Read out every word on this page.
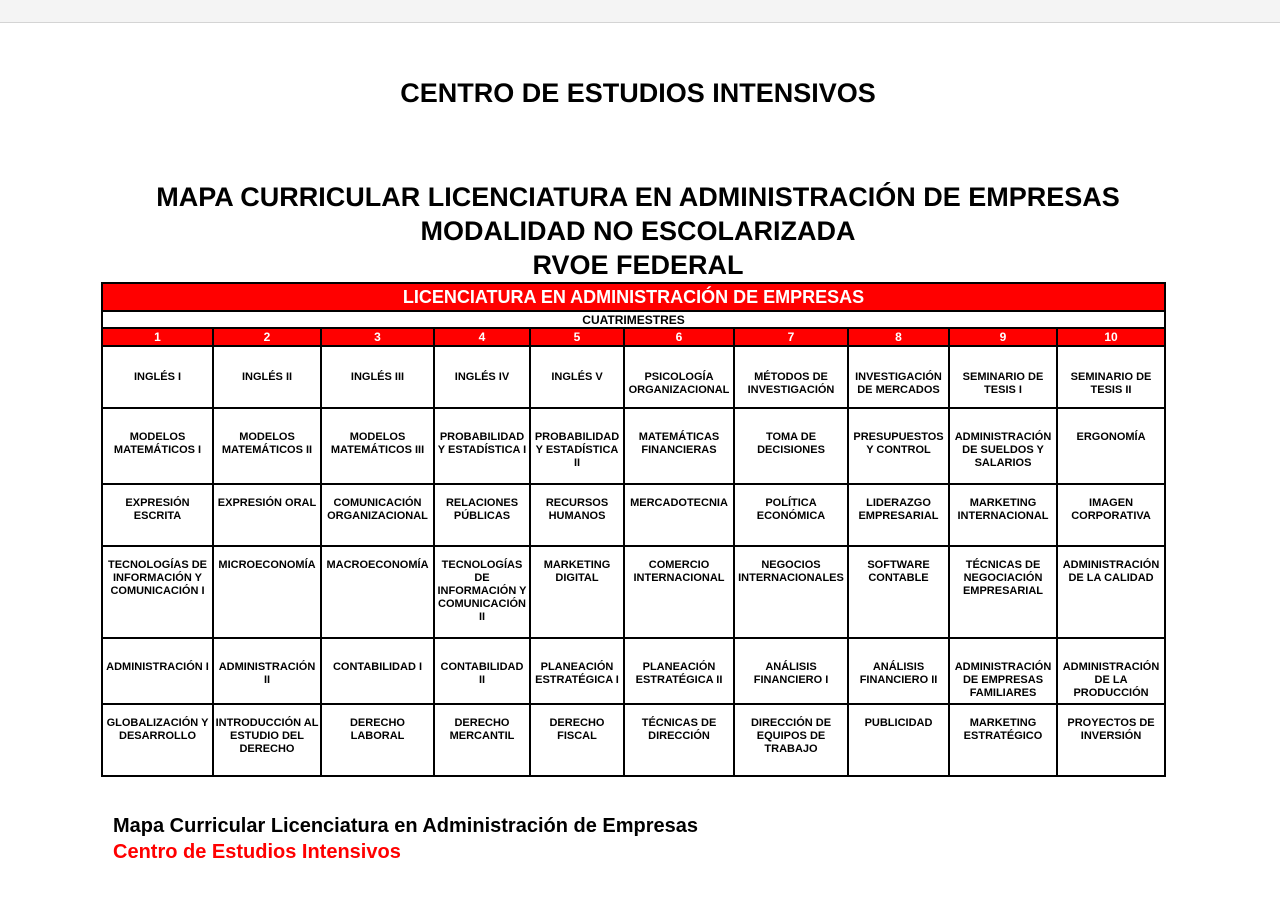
CENTRO DE ESTUDIOS INTENSIVOS
MAPA CURRICULAR LICENCIATURA EN ADMINISTRACIÓN DE EMPRESAS
MODALIDAD NO ESCOLARIZADA
RVOE FEDERAL
LICENCIATURA EN ADMINISTRACIÓN DE EMPRESAS									
CUATRIMESTRES									
1	2	3	4	5	6	7	8	9	10
INGLÉS I	INGLÉS II	INGLÉS III	INGLÉS IV	INGLÉS V	PSICOLOGÍA ORGANIZACIONAL	MÉTODOS DE INVESTIGACIÓN	INVESTIGACIÓN DE MERCADOS	SEMINARIO DE TESIS I	SEMINARIO DE TESIS II
MODELOS MATEMÁTICOS I	MODELOS MATEMÁTICOS II	MODELOS MATEMÁTICOS III	PROBABILIDAD Y ESTADÍSTICA I	PROBABILIDAD Y ESTADÍSTICA II	MATEMÁTICAS FINANCIERAS	TOMA DE DECISIONES	PRESUPUESTOS Y CONTROL	ADMINISTRACIÓN DE SUELDOS Y SALARIOS	ERGONOMÍA
EXPRESIÓN ESCRITA	EXPRESIÓN ORAL	COMUNICACIÓN ORGANIZACIONAL	RELACIONES PÚBLICAS	RECURSOS HUMANOS	MERCADOTECNIA	POLÍTICA ECONÓMICA	LIDERAZGO EMPRESARIAL	MARKETING INTERNACIONAL	IMAGEN CORPORATIVA
TECNOLOGÍAS DE INFORMACIÓN Y COMUNICACIÓN I	MICROECONOMÍA	MACROECONOMÍA	TECNOLOGÍAS DE INFORMACIÓN Y COMUNICACIÓN II	MARKETING DIGITAL	COMERCIO INTERNACIONAL	NEGOCIOS INTERNACIONALES	SOFTWARE CONTABLE	TÉCNICAS DE NEGOCIACIÓN EMPRESARIAL	ADMINISTRACIÓN DE LA CALIDAD
ADMINISTRACIÓN I	ADMINISTRACIÓN II	CONTABILIDAD I	CONTABILIDAD II	PLANEACIÓN ESTRATÉGICA I	PLANEACIÓN ESTRATÉGICA II	ANÁLISIS FINANCIERO I	ANÁLISIS FINANCIERO II	ADMINISTRACIÓN DE EMPRESAS FAMILIARES	ADMINISTRACIÓN DE LA PRODUCCIÓN
GLOBALIZACIÓN Y DESARROLLO	INTRODUCCIÓN AL ESTUDIO DEL DERECHO	DERECHO LABORAL	DERECHO MERCANTIL	DERECHO FISCAL	TÉCNICAS DE DIRECCIÓN	DIRECCIÓN DE EQUIPOS DE TRABAJO	PUBLICIDAD	MARKETING ESTRATÉGICO	PROYECTOS DE INVERSIÓN
Mapa Curricular Licenciatura en Administración de Empresas
Centro de Estudios Intensivos
